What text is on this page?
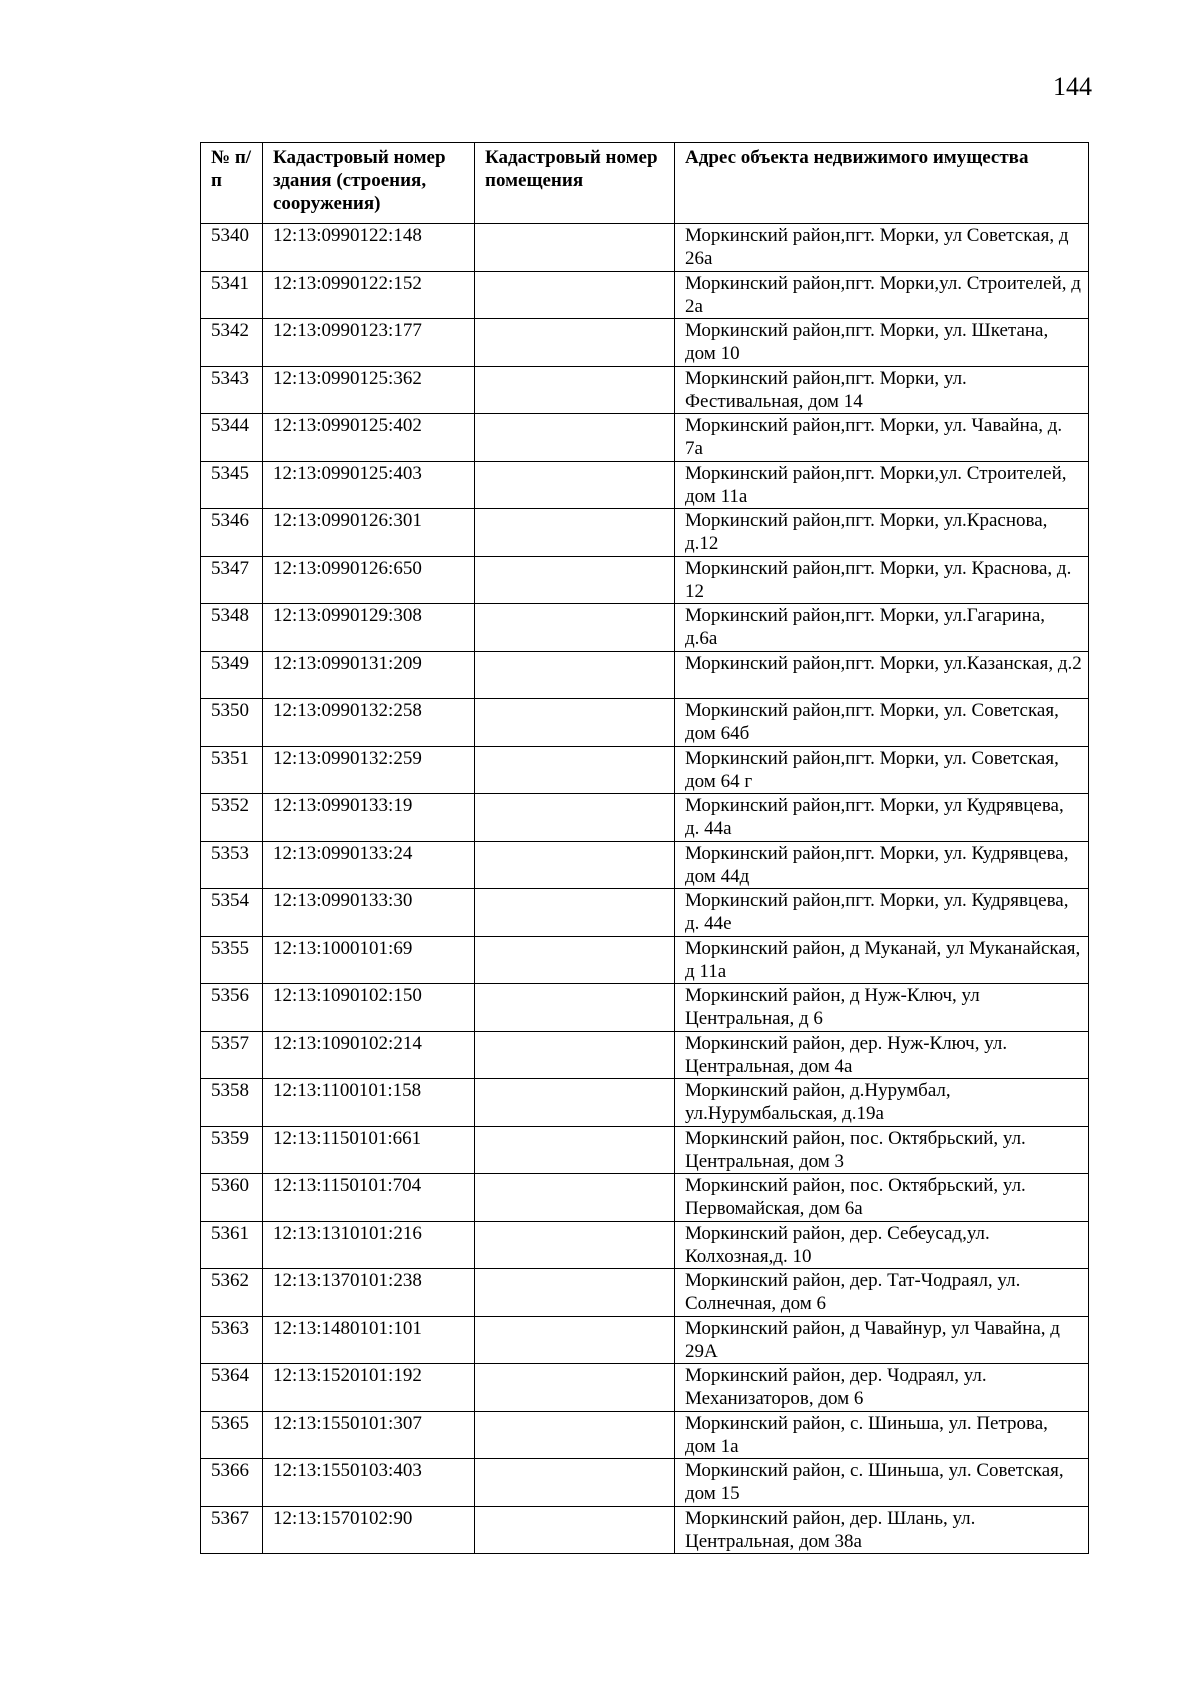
144
№ п/п	Кадастровый номер здания (строения, сооружения)	Кадастровый номер помещения	Адрес объекта недвижимого имущества
5340	12:13:0990122:148		Моркинский район,пгт. Морки, ул Советская, д 26а
5341	12:13:0990122:152		Моркинский район,пгт. Морки,ул. Строителей, д 2а
5342	12:13:0990123:177		Моркинский район,пгт. Морки, ул. Шкетана, дом 10
5343	12:13:0990125:362		Моркинский район,пгт. Морки, ул. Фестивальная, дом 14
5344	12:13:0990125:402		Моркинский район,пгт. Морки, ул. Чавайна, д. 7а
5345	12:13:0990125:403		Моркинский район,пгт. Морки,ул. Строителей, дом 11а
5346	12:13:0990126:301		Моркинский район,пгт. Морки, ул.Краснова, д.12
5347	12:13:0990126:650		Моркинский район,пгт. Морки, ул. Краснова, д. 12
5348	12:13:0990129:308		Моркинский район,пгт. Морки, ул.Гагарина, д.6а
5349	12:13:0990131:209		Моркинский район,пгт. Морки, ул.Казанская, д.2
5350	12:13:0990132:258		Моркинский район,пгт. Морки, ул. Советская, дом 64б
5351	12:13:0990132:259		Моркинский район,пгт. Морки, ул. Советская, дом 64 г
5352	12:13:0990133:19		Моркинский район,пгт. Морки, ул Кудрявцева, д. 44а
5353	12:13:0990133:24		Моркинский район,пгт. Морки, ул. Кудрявцева, дом 44д
5354	12:13:0990133:30		Моркинский район,пгт. Морки, ул. Кудрявцева, д. 44е
5355	12:13:1000101:69		Моркинский район, д Муканай, ул Муканайская, д 11а
5356	12:13:1090102:150		Моркинский район, д Нуж-Ключ, ул Центральная, д 6
5357	12:13:1090102:214		Моркинский район, дер. Нуж-Ключ, ул. Центральная, дом 4а
5358	12:13:1100101:158		Моркинский район, д.Нурумбал, ул.Нурумбальская, д.19а
5359	12:13:1150101:661		Моркинский район, пос. Октябрьский, ул. Центральная, дом 3
5360	12:13:1150101:704		Моркинский район, пос. Октябрьский, ул. Первомайская, дом 6а
5361	12:13:1310101:216		Моркинский район, дер. Себеусад,ул. Колхозная,д. 10
5362	12:13:1370101:238		Моркинский район, дер. Тат-Чодраял, ул. Солнечная, дом 6
5363	12:13:1480101:101		Моркинский район, д Чавайнур, ул Чавайна, д 29А
5364	12:13:1520101:192		Моркинский район, дер. Чодраял, ул. Механизаторов, дом 6
5365	12:13:1550101:307		Моркинский район, с. Шиньша, ул. Петрова, дом 1а
5366	12:13:1550103:403		Моркинский район, с. Шиньша, ул. Советская, дом 15
5367	12:13:1570102:90		Моркинский район, дер. Шлань, ул. Центральная, дом 38а
